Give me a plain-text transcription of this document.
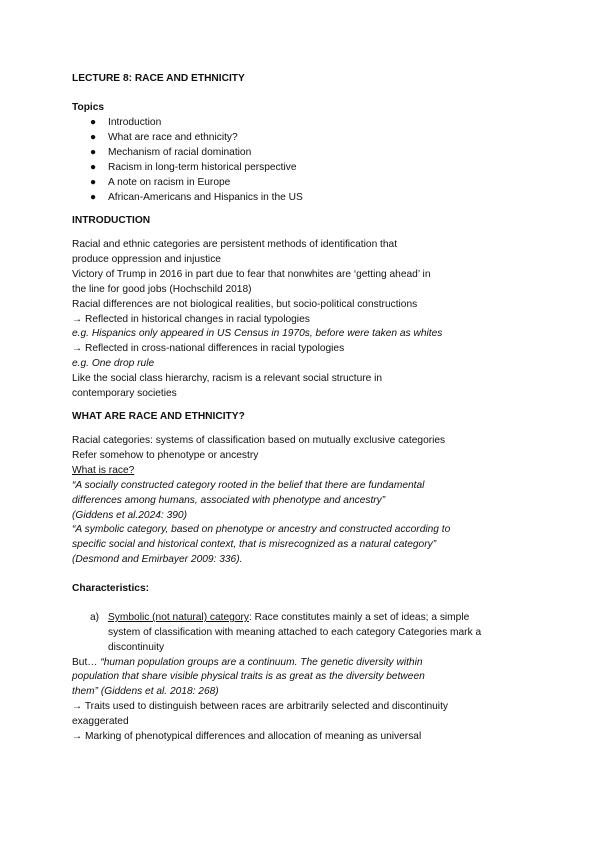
LECTURE 8: RACE AND ETHNICITY
Topics
● Introduction
● What are race and ethnicity?
● Mechanism of racial domination
● Racism in long-term historical perspective
● A note on racism in Europe
● African-Americans and Hispanics in the US
INTRODUCTION
Racial and ethnic categories are persistent methods of identification that
produce oppression and injustice
Victory of Trump in 2016 in part due to fear that nonwhites are ‘getting ahead’ in
the line for good jobs (Hochschild 2018)
Racial differences are not biological realities, but socio-political constructions
→ Reflected in historical changes in racial typologies
e.g. Hispanics only appeared in US Census in 1970s, before were taken as whites
→ Reflected in cross-national differences in racial typologies
e.g. One drop rule
Like the social class hierarchy, racism is a relevant social structure in
contemporary societies
WHAT ARE RACE AND ETHNICITY?
Racial categories: systems of classification based on mutually exclusive categories
Refer somehow to phenotype or ancestry
What is race?
“A socially constructed category rooted in the belief that there are fundamental
differences among humans, associated with phenotype and ancestry”
(Giddens et al.2024: 390)
“A symbolic category, based on phenotype or ancestry and constructed according to
specific social and historical context, that is misrecognized as a natural category”
(Desmond and Emirbayer 2009: 336).
Characteristics:
a) Symbolic (not natural) category: Race constitutes mainly a set of ideas; a simple
system of classification with meaning attached to each category Categories mark a
discontinuity
But… “human population groups are a continuum. The genetic diversity within
population that share visible physical traits is as great as the diversity between
them” (Giddens et al. 2018: 268)
→ Traits used to distinguish between races are arbitrarily selected and discontinuity
exaggerated
→ Marking of phenotypical differences and allocation of meaning as universal
